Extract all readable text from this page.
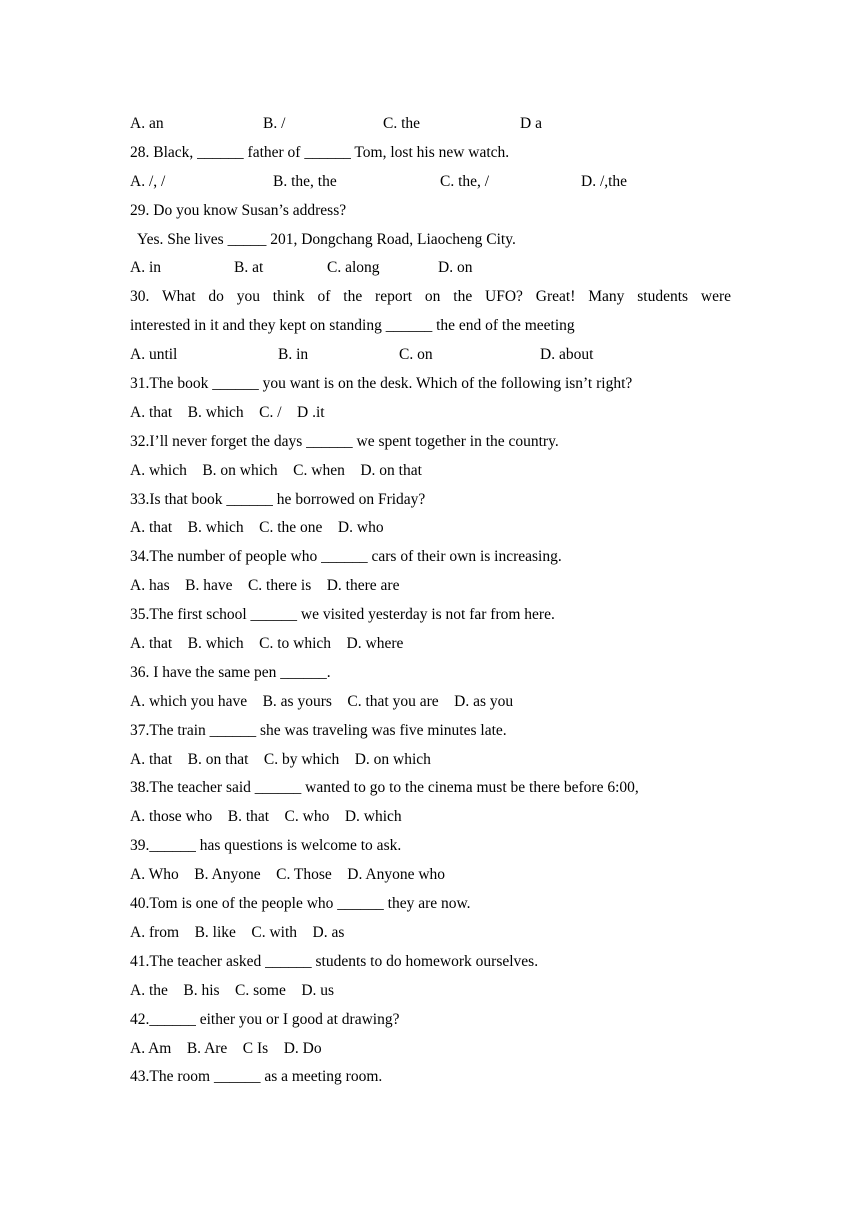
A. an

	B. /

	C. the

	D a

28. Black, ______ father of ______ Tom, lost his new watch.

A. /, /

	B. the, the

	C. the, /

	D. /,the

29. Do you know Susan’s address?
Yes. She lives _____ 201, Dongchang Road, Liaocheng City.

A. in

	B. at

	C. along

	D. on

30. What do you think of the report on the UFO? Great! Many students were
interested in it and they kept on standing ______ the end of the meeting

A. until

	B. in

	C. on

	D. about

31.The book ______ you want is on the desk. Which of the following isn’t right?
A. that    B. which    C. /    D .it
32.I’ll never forget the days ______ we spent together in the country.
A. which    B. on which    C. when    D. on that
33.Is that book ______ he borrowed on Friday?
A. that    B. which    C. the one    D. who
34.The number of people who ______ cars of their own is increasing.
A. has    B. have    C. there is    D. there are
35.The first school ______ we visited yesterday is not far from here.
A. that    B. which    C. to which    D. where
36. I have the same pen ______.
A. which you have    B. as yours    C. that you are    D. as you
37.The train ______ she was traveling was five minutes late.
A. that    B. on that    C. by which    D. on which
38.The teacher said ______ wanted to go to the cinema must be there before 6:00,
A. those who    B. that    C. who    D. which
39.______ has questions is welcome to ask.
A. Who    B. Anyone    C. Those    D. Anyone who
40.Tom is one of the people who ______ they are now.
A. from    B. like    C. with    D. as
41.The teacher asked ______ students to do homework ourselves.
A. the    B. his    C. some    D. us
42.______ either you or I good at drawing?
A. Am    B. Are    C Is    D. Do
43.The room ______ as a meeting room.
